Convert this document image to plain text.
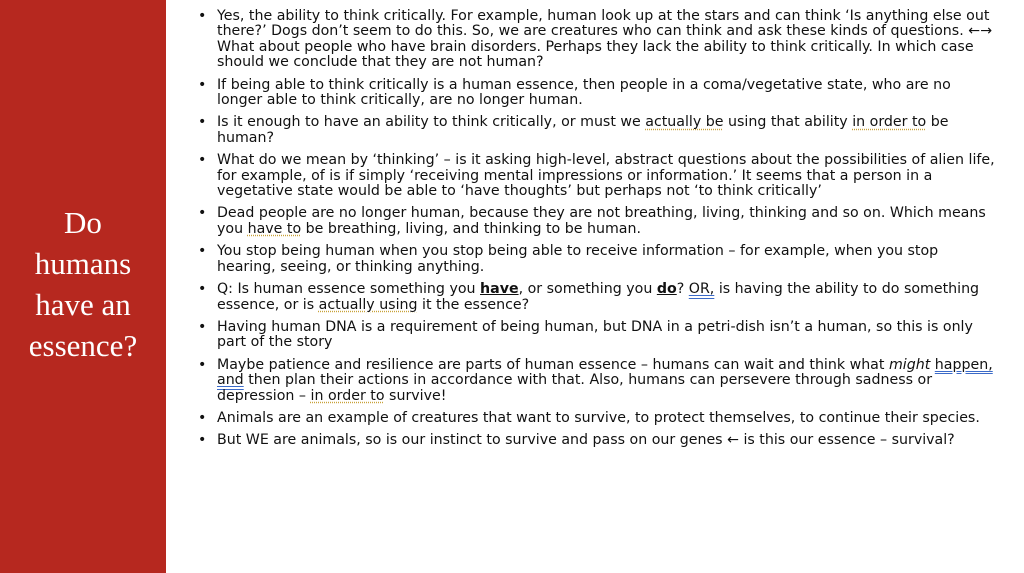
Do
humans
have an
essence?
• Yes, the ability to think critically. For example, human look up at the stars and can think ‘Is anything else out there?’ Dogs don’t seem to do this. So, we are creatures who can think and ask these kinds of questions. ←→ What about people who have brain disorders. Perhaps they lack the ability to think critically. In which case should we conclude that they are not human?
• If being able to think critically is a human essence, then people in a coma/vegetative state, who are no longer able to think critically, are no longer human.
• Is it enough to have an ability to think critically, or must we actually be using that ability in order to be human?
• What do we mean by ‘thinking’ – is it asking high-level, abstract questions about the possibilities of alien life, for example, of is if simply ‘receiving mental impressions or information.’ It seems that a person in a vegetative state would be able to ‘have thoughts’ but perhaps not ‘to think critically’
• Dead people are no longer human, because they are not breathing, living, thinking and so on. Which means you have to be breathing, living, and thinking to be human.
• You stop being human when you stop being able to receive information – for example, when you stop hearing, seeing, or thinking anything.
• Q: Is human essence something you have, or something you do? OR, is having the ability to do something essence, or is actually using it the essence?
• Having human DNA is a requirement of being human, but DNA in a petri-dish isn’t a human, so this is only part of the story
• Maybe patience and resilience are parts of human essence – humans can wait and think what might happen, and then plan their actions in accordance with that. Also, humans can persevere through sadness or depression – in order to survive!
• Animals are an example of creatures that want to survive, to protect themselves, to continue their species.
• But WE are animals, so is our instinct to survive and pass on our genes ← is this our essence – survival?
